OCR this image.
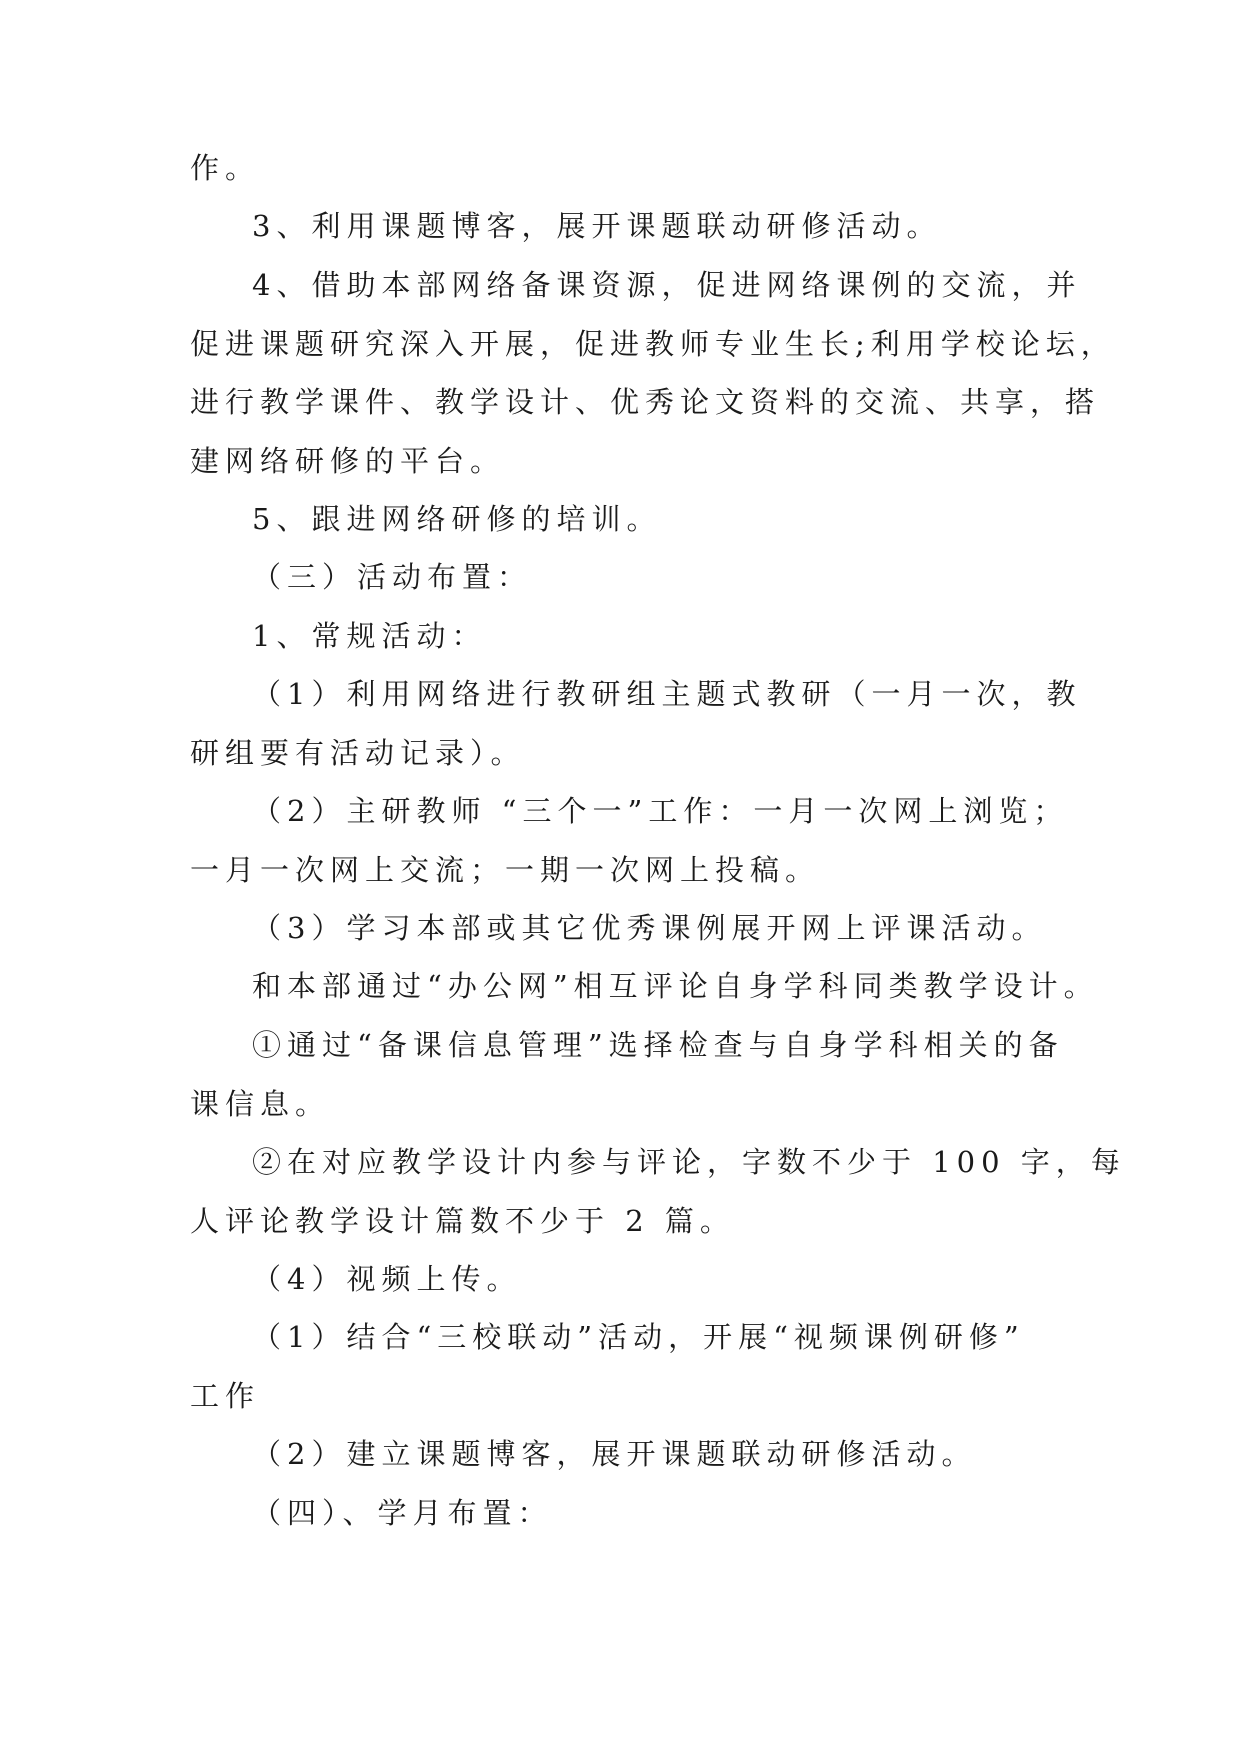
作。

3、利用课题博客，展开课题联动研修活动。

4、借助本部网络备课资源，促进网络课例的交流，并
促进课题研究深入开展，促进教师专业生长;利用学校论坛，
进行教学课件、教学设计、优秀论文资料的交流、共享，搭
建网络研修的平台。

5、跟进网络研修的培训。

（三）活动布置：

1、常规活动：

（1）利用网络进行教研组主题式教研（一月一次，教
研组要有活动记录）。

（2）主研教师 “三个一”工作：一月一次网上浏览；
一月一次网上交流；一期一次网上投稿。

（3）学习本部或其它优秀课例展开网上评课活动。

和本部通过“办公网”相互评论自身学科同类教学设计。

①通过“备课信息管理”选择检查与自身学科相关的备
课信息。

②在对应教学设计内参与评论，字数不少于 100 字，每
人评论教学设计篇数不少于 2 篇。

（4）视频上传。

（1）结合“三校联动”活动，开展“视频课例研修”
工作

（2）建立课题博客，展开课题联动研修活动。

（四）、学月布置：
